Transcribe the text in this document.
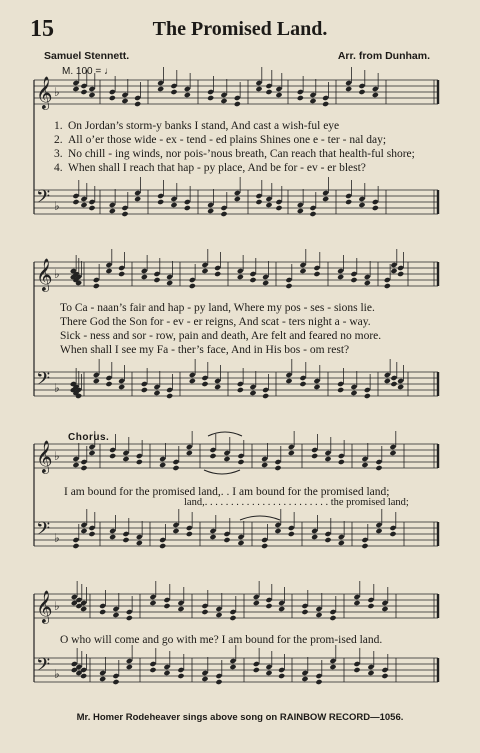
15	The Promised Land.
Samuel Stennett.	Arr. from Dunham.
M. 100 = ♩
𝄞 ♭
𝄢 ♭
𝄞 ♭
𝄢 ♭
𝄞 ♭
𝄢 ♭
𝄞 ♭
𝄢 ♭
1. On Jordan’s storm-y banks I stand, And cast a wish-ful eye
2. All o’er those wide - ex - tend - ed plains Shines one e - ter - nal day;
3. No chill - ing winds, nor pois-’nous breath, Can reach that health-ful shore;
4. When shall I reach that hap - py place, And be for - ev - er blest?
To Ca - naan’s fair and hap - py land, Where my pos - ses - sions lie.
There God the Son for - ev - er reigns, And scat - ters night a - way.
Sick - ness and sor - row, pain and death, Are felt and feared no more.
When shall I see my Fa - ther’s face, And in His bos - om rest?
Chorus.
I am bound for the promised land,. . I am bound for the promised land;
land,. . . . . . . . . . . . . . . . . . . . . . . . the promised land;
O who will come and go with me? I am bound for the prom-ised land.
Mr. Homer Rodeheaver sings above song on RAINBOW RECORD—1056.
